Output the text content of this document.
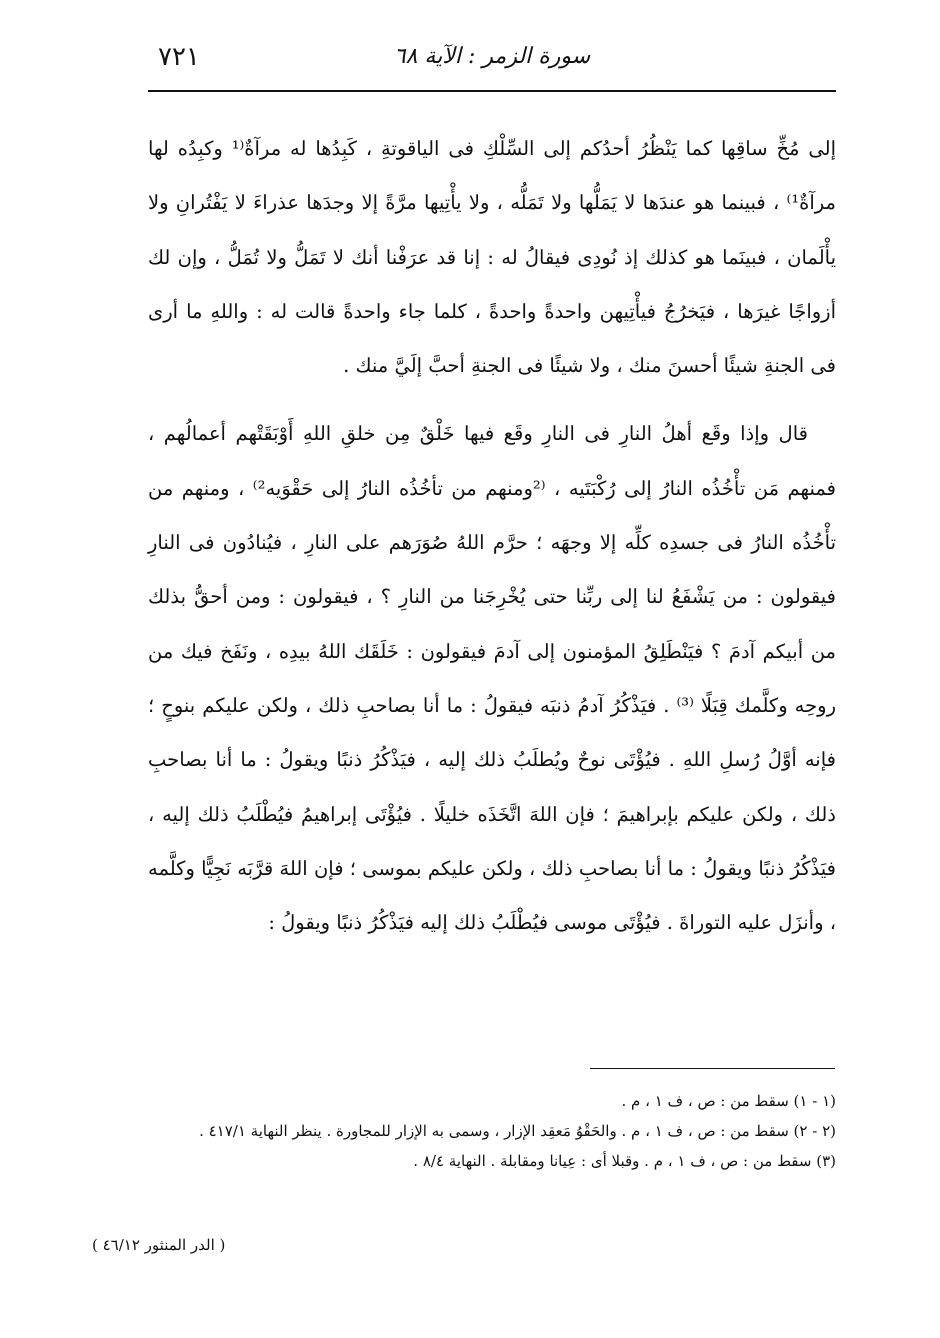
٧٢١	سورة الزمر : الآية ٦٨

إلى مُخِّ ساقِها كما يَنْظُرُ أحدُكم إلى السِّلْكِ فى الياقوتةِ ، كَبِدُها له مرآةٌ⁽¹ وكبِدُه لها مرآةٌ¹⁾ ، فبينما هو عندَها لا يَمَلُّها ولا تَمَلُّه ، ولا يأْتِيها مرَّةً إلا وجدَها عذراءَ لا يَفْتُرانِ ولا يأْلَمان ، فبينَما هو كذلك إذ نُودِى فيقالُ له : إنا قد عرَفْنا أنك لا تَمَلُّ ولا تُمَلُّ ، وإن لك أزواجًا غيرَها ، فيَخرُجُ فيأْتِيهن واحدةً واحدةً ، كلما جاء واحدةً قالت له : واللهِ ما أرى فى الجنةِ شيئًا أحسنَ منك ، ولا شيئًا فى الجنةِ أحبَّ إلَيَّ منك .

قال وإذا وقَع أهلُ النارِ فى النارِ وقَع فيها خَلْقٌ مِن خلقِ اللهِ أَوْبَقَتْهم أعمالُهم ، فمنهم مَن تأْخُذُه النارُ إلى رُكْبَتَيه ، ⁽²ومنهم من تأخُذُه النارُ إلى حَقْوَيه²⁾ ، ومنهم من تأْخُذُه النارُ فى جسدِه كلِّه إلا وجهَه ؛ حرَّم اللهُ صُوَرَهم على النارِ ، فيُنادُون فى النارِ فيقولون : من يَشْفَعُ لنا إلى ربِّنا حتى يُخْرِجَنا من النارِ ؟ ، فيقولون : ومن أحقُّ بذلك من أبيكم آدمَ ؟ فيَنْطَلِقُ المؤمنون إلى آدمَ فيقولون : خَلَقَك اللهُ بيدِه ، ونَفَخ فيك من روحِه وكلَّمك قِبَلًا ⁽³⁾ . فيَذْكُرُ آدمُ ذنبَه فيقولُ : ما أنا بصاحبِ ذلك ، ولكن عليكم بنوحٍ ؛ فإنه أوَّلُ رُسلِ اللهِ . فيُؤْتَى نوحٌ ويُطلَبُ ذلك إليه ، فيَذْكُرُ ذنبًا ويقولُ : ما أنا بصاحبِ ذلك ، ولكن عليكم بإبراهيمَ ؛ فإن اللهَ اتَّخَذَه خليلًا . فيُؤْتَى إبراهيمُ فيُطْلَبُ ذلك إليه ، فيَذْكُرُ ذنبًا ويقولُ : ما أنا بصاحبِ ذلك ، ولكن عليكم بموسى ؛ فإن اللهَ قرَّبَه نَجِيًّا وكلَّمه ، وأنزَل عليه التوراةَ . فيُؤْتَى موسى فيُطْلَبُ ذلك إليه فيَذْكُرُ ذنبًا ويقولُ :

(١ - ١) سقط من : ص ، ف ١ ، م .
(٢ - ٢) سقط من : ص ، ف ١ ، م . والحَقْوُ مَعقِد الإزار ، وسمى به الإزار للمجاورة . ينظر النهاية ٤١٧/١ .
(٣) سقط من : ص ، ف ١ ، م . وقبلا أى : عِيانا ومقابلة . النهاية ٨/٤ .
( الدر المنثور ٤٦/١٢ )
